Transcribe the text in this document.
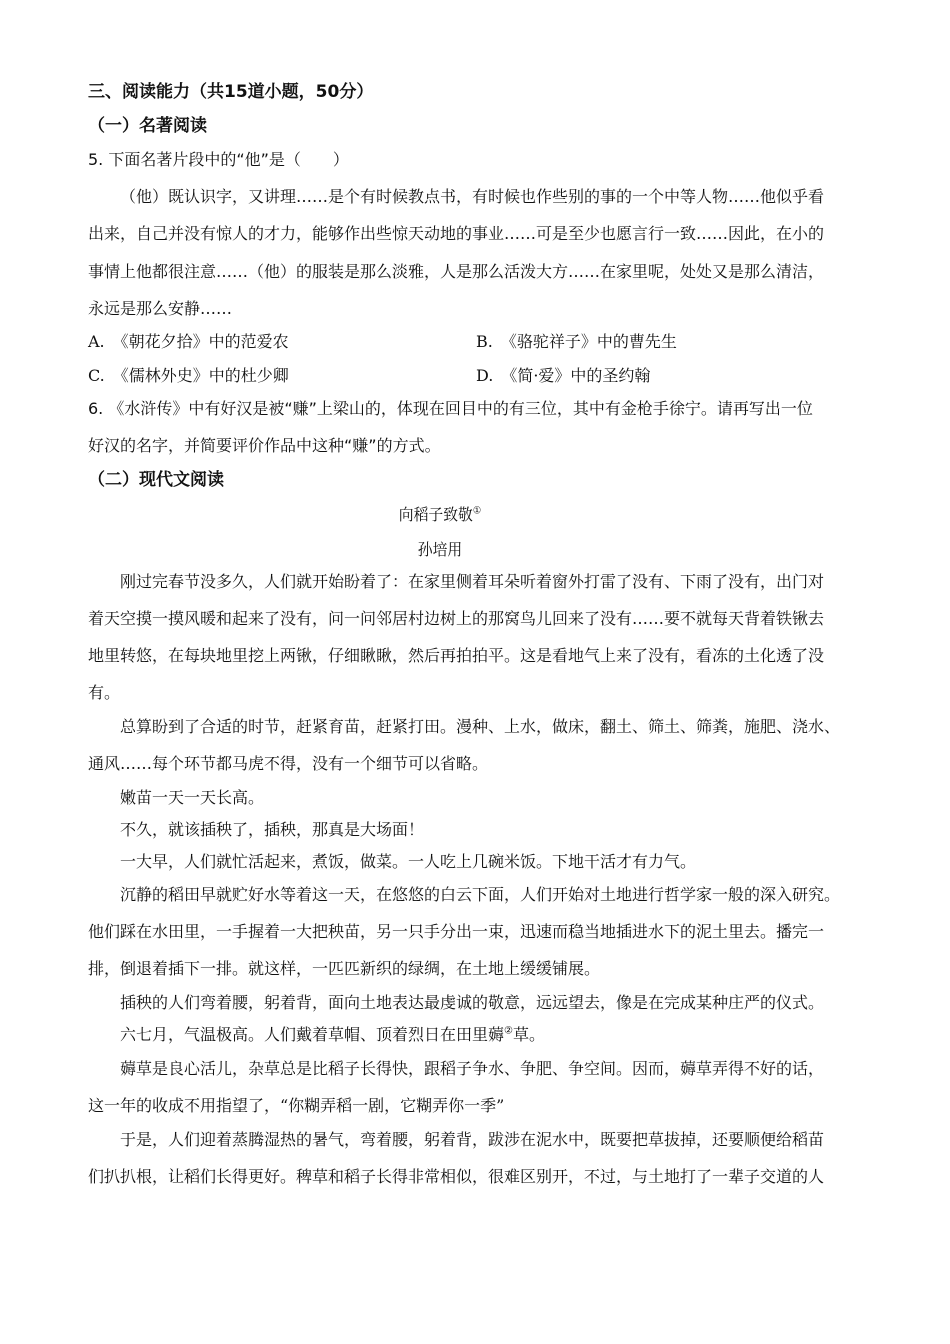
三、阅读能力（共15道小题，50分）
（一）名著阅读
5. 下面名著片段中的“他”是（　　）
（他）既认识字，又讲理……是个有时候教点书，有时候也作些别的事的一个中等人物……他似乎看
出来，自己并没有惊人的才力，能够作出些惊天动地的事业……可是至少也愿言行一致……因此，在小的
事情上他都很注意……（他）的服装是那么淡雅，人是那么活泼大方……在家里呢，处处又是那么清洁，
永远是那么安静……
A.　《朝花夕拾》中的范爱农	B.　《骆驼祥子》中的曹先生
C.　《儒林外史》中的杜少卿	D.　《简·爱》中的圣约翰
6. 《水浒传》中有好汉是被“赚”上梁山的，体现在回目中的有三位，其中有金枪手徐宁。请再写出一位
好汉的名字，并简要评价作品中这种“赚”的方式。
（二）现代文阅读
向稻子致敬①
孙培用
刚过完春节没多久，人们就开始盼着了：在家里侧着耳朵听着窗外打雷了没有、下雨了没有，出门对
着天空摸一摸风暖和起来了没有，问一问邻居村边树上的那窝鸟儿回来了没有……要不就每天背着铁锹去
地里转悠，在每块地里挖上两锹，仔细瞅瞅，然后再拍拍平。这是看地气上来了没有，看冻的土化透了没
有。
总算盼到了合适的时节，赶紧育苗，赶紧打田。漫种、上水，做床，翻土、筛土、筛粪，施肥、浇水、
通风……每个环节都马虎不得，没有一个细节可以省略。
嫩苗一天一天长高。
不久，就该插秧了，插秧，那真是大场面！
一大早，人们就忙活起来，煮饭，做菜。一人吃上几碗米饭。下地干活才有力气。
沉静的稻田早就贮好水等着这一天，在悠悠的白云下面，人们开始对土地进行哲学家一般的深入研究。
他们踩在水田里，一手握着一大把秧苗，另一只手分出一束，迅速而稳当地插进水下的泥土里去。播完一
排，倒退着插下一排。就这样，一匹匹新织的绿绸，在土地上缓缓铺展。
插秧的人们弯着腰，躬着背，面向土地表达最虔诚的敬意，远远望去，像是在完成某种庄严的仪式。
六七月，气温极高。人们戴着草帽、顶着烈日在田里薅②草。
薅草是良心活儿，杂草总是比稻子长得快，跟稻子争水、争肥、争空间。因而，薅草弄得不好的话，
这一年的收成不用指望了，“你糊弄稻一剧，它糊弄你一季”
于是，人们迎着蒸腾湿热的暑气，弯着腰，躬着背，跋涉在泥水中，既要把草拔掉，还要顺便给稻苗
们扒扒根，让稻们长得更好。稗草和稻子长得非常相似，很难区别开，不过，与土地打了一辈子交道的人
